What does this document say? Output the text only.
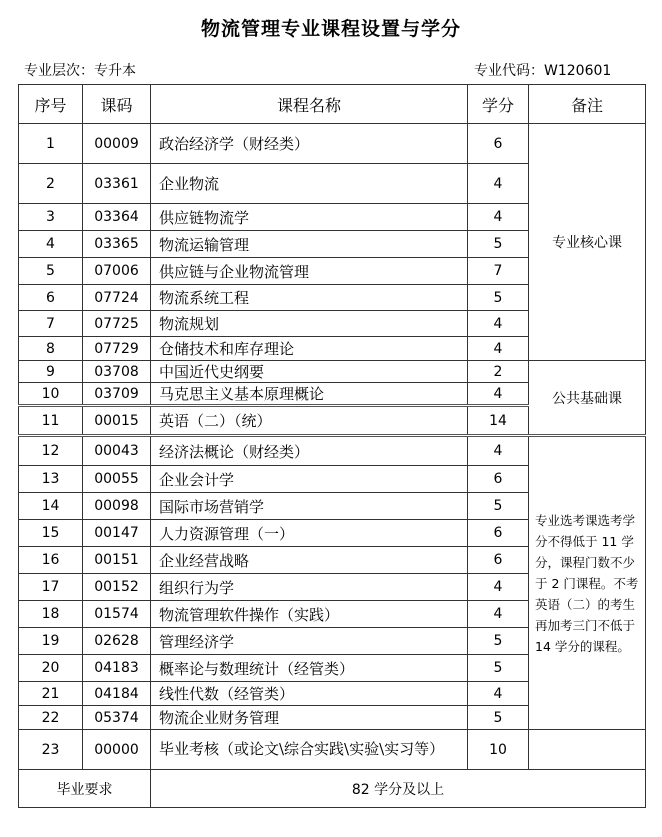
物流管理专业课程设置与学分
专业层次：专升本	专业代码：W120601
序号	课码	课程名称	学分	备注
1	00009	政治经济学（财经类）	6	专业核心课
2	03361	企业物流	4	
3	03364	供应链物流学	4	
4	03365	物流运输管理	5	
5	07006	供应链与企业物流管理	7	
6	07724	物流系统工程	5	
7	07725	物流规划	4	
8	07729	仓储技术和库存理论	4	
9	03708	中国近代史纲要	2	公共基础课
10	03709	马克思主义基本原理概论	4	
11	00015	英语（二）（统）	14	
12	00043	经济法概论（财经类）	4	专业选考课选考学分不得低于 11 学分，课程门数不少于 2 门课程。不考英语（二）的考生再加考三门不低于 14 学分的课程。
13	00055	企业会计学	6	
14	00098	国际市场营销学	5	
15	00147	人力资源管理（一）	6	
16	00151	企业经营战略	6	
17	00152	组织行为学	4	
18	01574	物流管理软件操作（实践）	4	
19	02628	管理经济学	5	
20	04183	概率论与数理统计（经管类）	5	
21	04184	线性代数（经管类）	4	
22	05374	物流企业财务管理	5	
23	00000	毕业考核（或论文\综合实践\实验\实习等）	10	
毕业要求		82 学分及以上		
